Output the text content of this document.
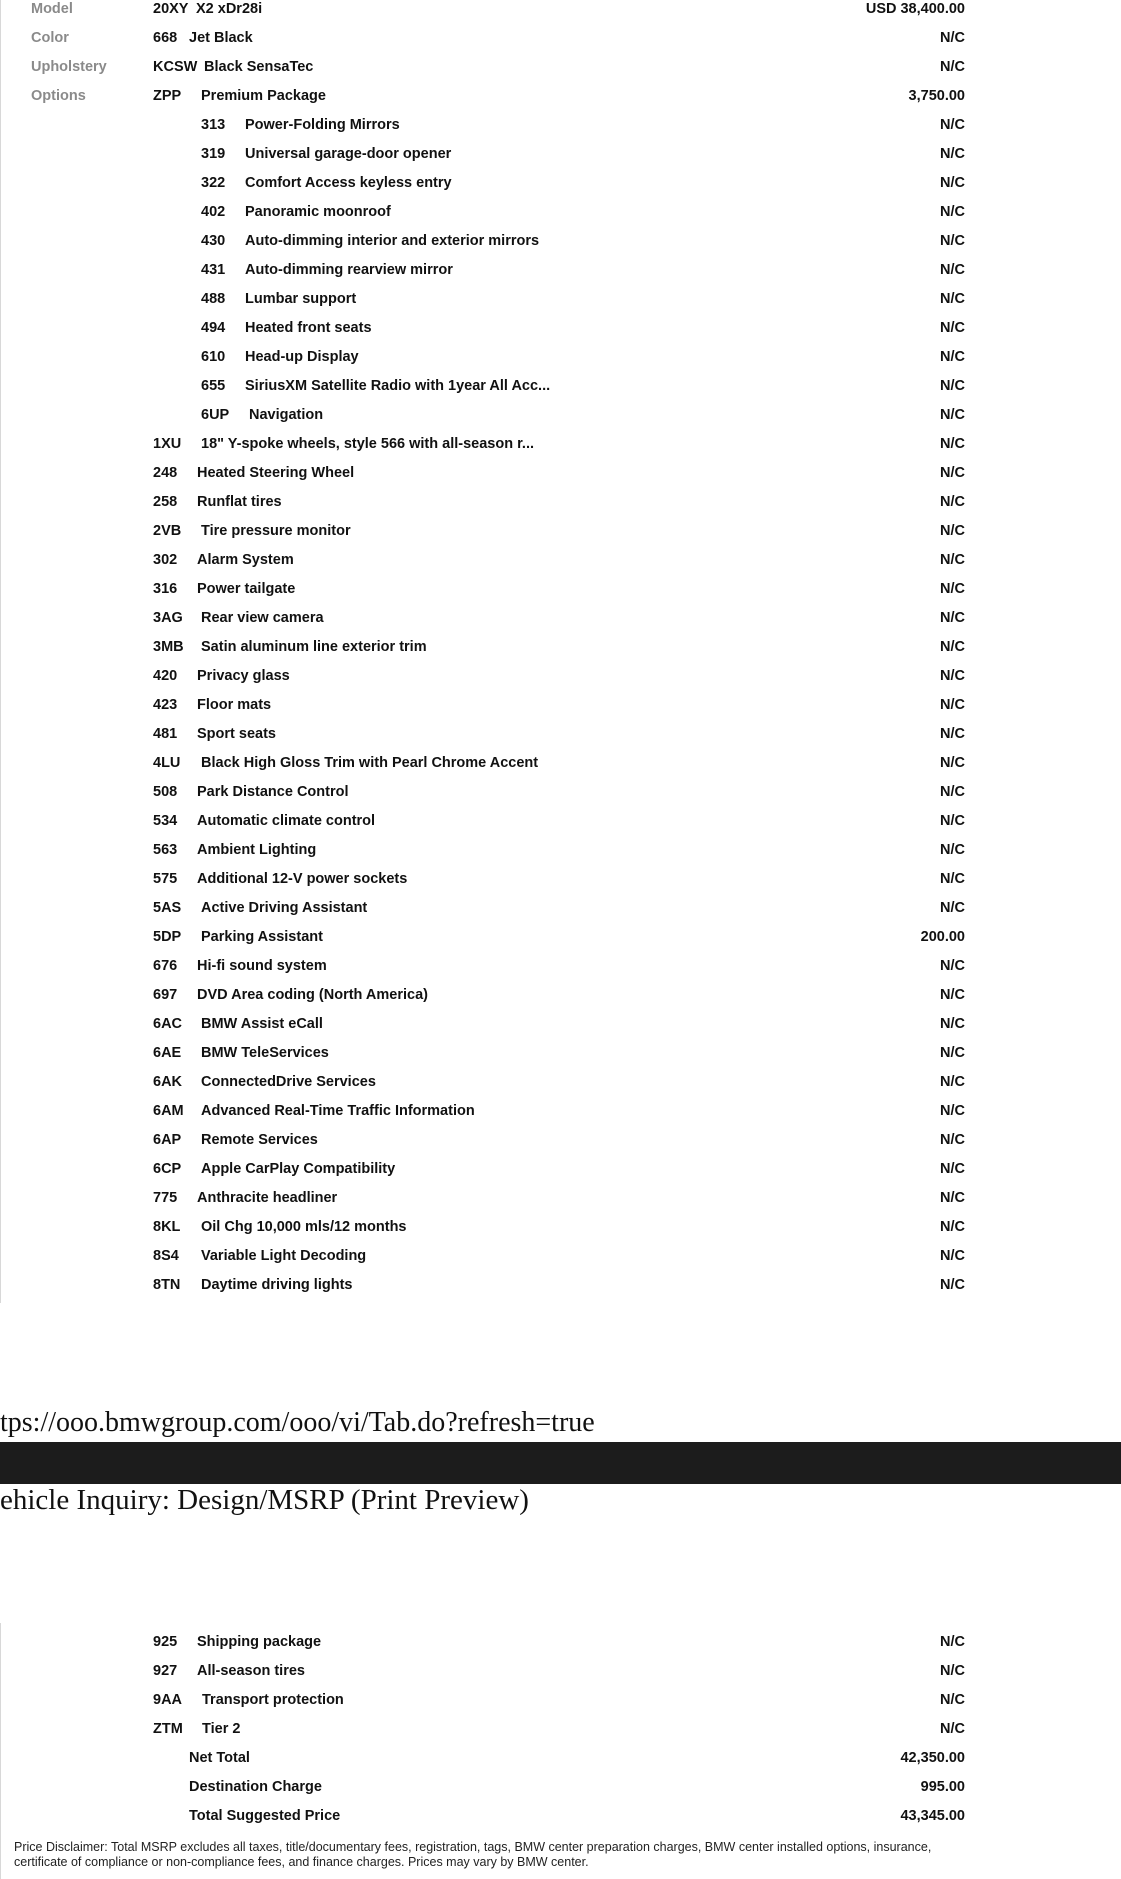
Model	20XY X2 xDr28i	USD 38,400.00
Color	668 Jet Black	N/C
Upholstery	KCSW Black SensaTec	N/C
Options	ZPP Premium Package	3,750.00
313 Power-Folding Mirrors	N/C
319 Universal garage-door opener	N/C
322 Comfort Access keyless entry	N/C
402 Panoramic moonroof	N/C
430 Auto-dimming interior and exterior mirrors	N/C
431 Auto-dimming rearview mirror	N/C
488 Lumbar support	N/C
494 Heated front seats	N/C
610 Head-up Display	N/C
655 SiriusXM Satellite Radio with 1year All Acc...	N/C
6UP Navigation	N/C
1XU 18" Y-spoke wheels, style 566 with all-season r...	N/C
248 Heated Steering Wheel	N/C
258 Runflat tires	N/C
2VB Tire pressure monitor	N/C
302 Alarm System	N/C
316 Power tailgate	N/C
3AG Rear view camera	N/C
3MB Satin aluminum line exterior trim	N/C
420 Privacy glass	N/C
423 Floor mats	N/C
481 Sport seats	N/C
4LU Black High Gloss Trim with Pearl Chrome Accent	N/C
508 Park Distance Control	N/C
534 Automatic climate control	N/C
563 Ambient Lighting	N/C
575 Additional 12-V power sockets	N/C
5AS Active Driving Assistant	N/C
5DP Parking Assistant	200.00
676 Hi-fi sound system	N/C
697 DVD Area coding (North America)	N/C
6AC BMW Assist eCall	N/C
6AE BMW TeleServices	N/C
6AK ConnectedDrive Services	N/C
6AM Advanced Real-Time Traffic Information	N/C
6AP Remote Services	N/C
6CP Apple CarPlay Compatibility	N/C
775 Anthracite headliner	N/C
8KL Oil Chg 10,000 mls/12 months	N/C
8S4 Variable Light Decoding	N/C
8TN Daytime driving lights	N/C
tps://ooo.bmwgroup.com/ooo/vi/Tab.do?refresh=true
ehicle Inquiry: Design/MSRP (Print Preview)
925 Shipping package	N/C
927 All-season tires	N/C
9AA Transport protection	N/C
ZTM Tier 2	N/C
Net Total	42,350.00
Destination Charge	995.00
Total Suggested Price	43,345.00
Price Disclaimer: Total MSRP excludes all taxes, title/documentary fees, registration, tags, BMW center preparation charges, BMW center installed options, insurance, certificate of compliance or non-compliance fees, and finance charges. Prices may vary by BMW center.
